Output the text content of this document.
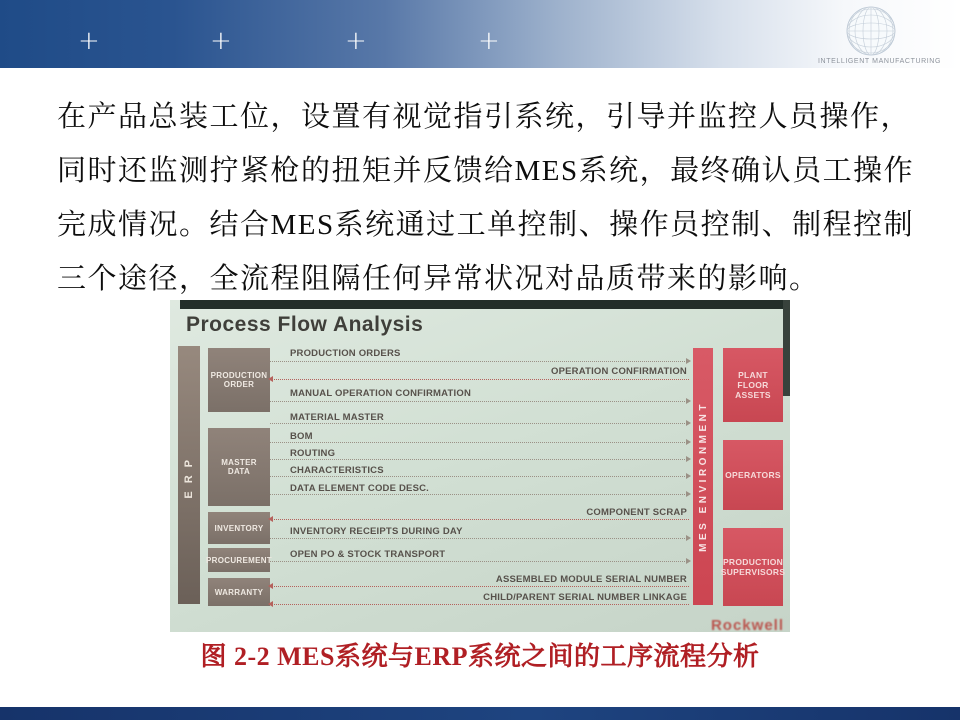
+	+	+	+
INTELLIGENT MANUFACTURING
在产品总装工位，设置有视觉指引系统，引导并监控人员操作，
同时还监测拧紧枪的扭矩并反馈给MES系统，最终确认员工操作
完成情况。结合MES系统通过工单控制、操作员控制、制程控制
三个途径，全流程阻隔任何异常状况对品质带来的影响。
Process Flow Analysis
ERP	MES ENVIRONMENT
PRODUCTION ORDER
MASTER DATA
INVENTORY
PROCUREMENT
WARRANTY
PLANT FLOOR ASSETS
OPERATORS
PRODUCTION SUPERVISORS
PRODUCTION ORDERS
OPERATION CONFIRMATION
MANUAL OPERATION CONFIRMATION
MATERIAL MASTER
BOM
ROUTING
CHARACTERISTICS
DATA ELEMENT CODE DESC.
COMPONENT SCRAP
INVENTORY RECEIPTS DURING DAY
OPEN PO & STOCK TRANSPORT
ASSEMBLED MODULE SERIAL NUMBER
CHILD/PARENT SERIAL NUMBER LINKAGE
Rockwell
图 2-2 MES系统与ERP系统之间的工序流程分析
